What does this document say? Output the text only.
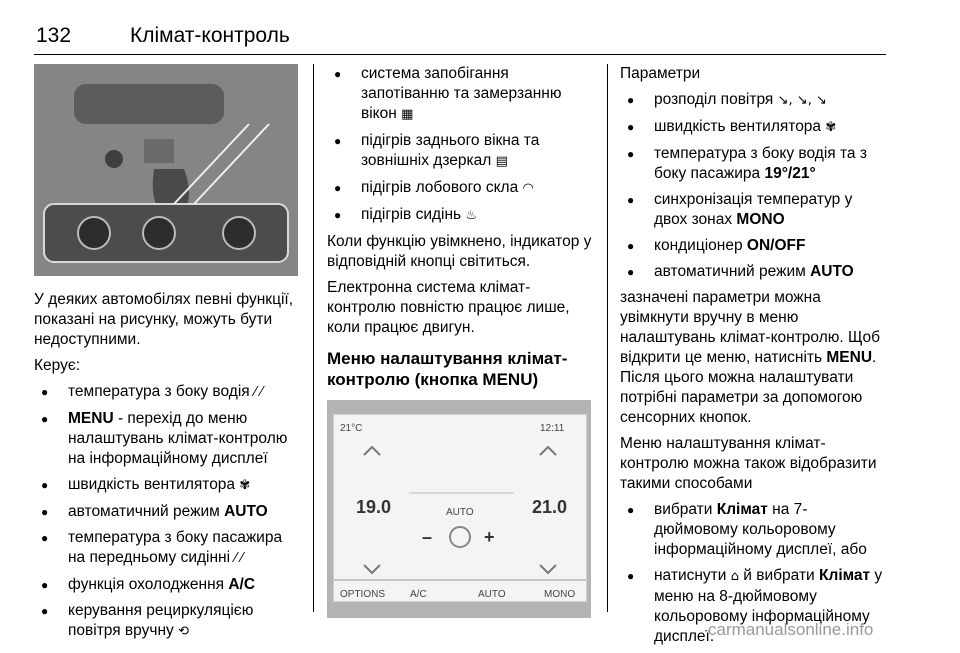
132	Клімат-контроль

У деяких автомобілях певні функції, показані на рисунку, можуть бути недоступними.

Керує:

● температура з боку водія ⁄ ⁄
● MENU - перехід до меню налаштувань клімат-контролю на інформаційному дисплеї
● швидкість вентилятора ✾
● автоматичний режим AUTO
● температура з боку пасажира на передньому сидінні ⁄ ⁄
● функція охолодження A/C
● керування рециркуляцією повітря вручну ⟲
● система запобігання запотіванню та замерзанню вікон ▦
● підігрів заднього вікна та зовнішніх дзеркал ▤
● підігрів лобового скла ◠
● підігрів сидінь ♨

Коли функцію увімкнено, індикатор у відповідній кнопці світиться.

Електронна система клімат-контролю повністю працює лише, коли працює двигун.

Меню налаштування клімат-контролю (кнопка MENU)
21°C	12:11
19.0	21.0
AUTO
–	+
OPTIONS A/C	AUTO	MONO

Параметри

● розподіл повітря ↘, ↘, ↘
● швидкість вентилятора ✾
● температура з боку водія та з боку пасажира 19°/21°
● синхронізація температур у двох зонах MONO
● кондиціонер ON/OFF
● автоматичний режим AUTO

зазначені параметри можна увімкнути вручну в меню налаштувань клімат-контролю. Щоб відкрити це меню, натисніть MENU. Після цього можна налаштувати потрібні параметри за допомогою сенсорних кнопок.

Меню налаштування клімат-контролю можна також відобразити такими способами

● вибрати Клімат на 7-дюймовому кольоровому інформаційному дисплеї, або
● натиснути ⌂ й вибрати Клімат у меню на 8-дюймовому кольоровому інформаційному дисплеї.
carmanualsonline.info
